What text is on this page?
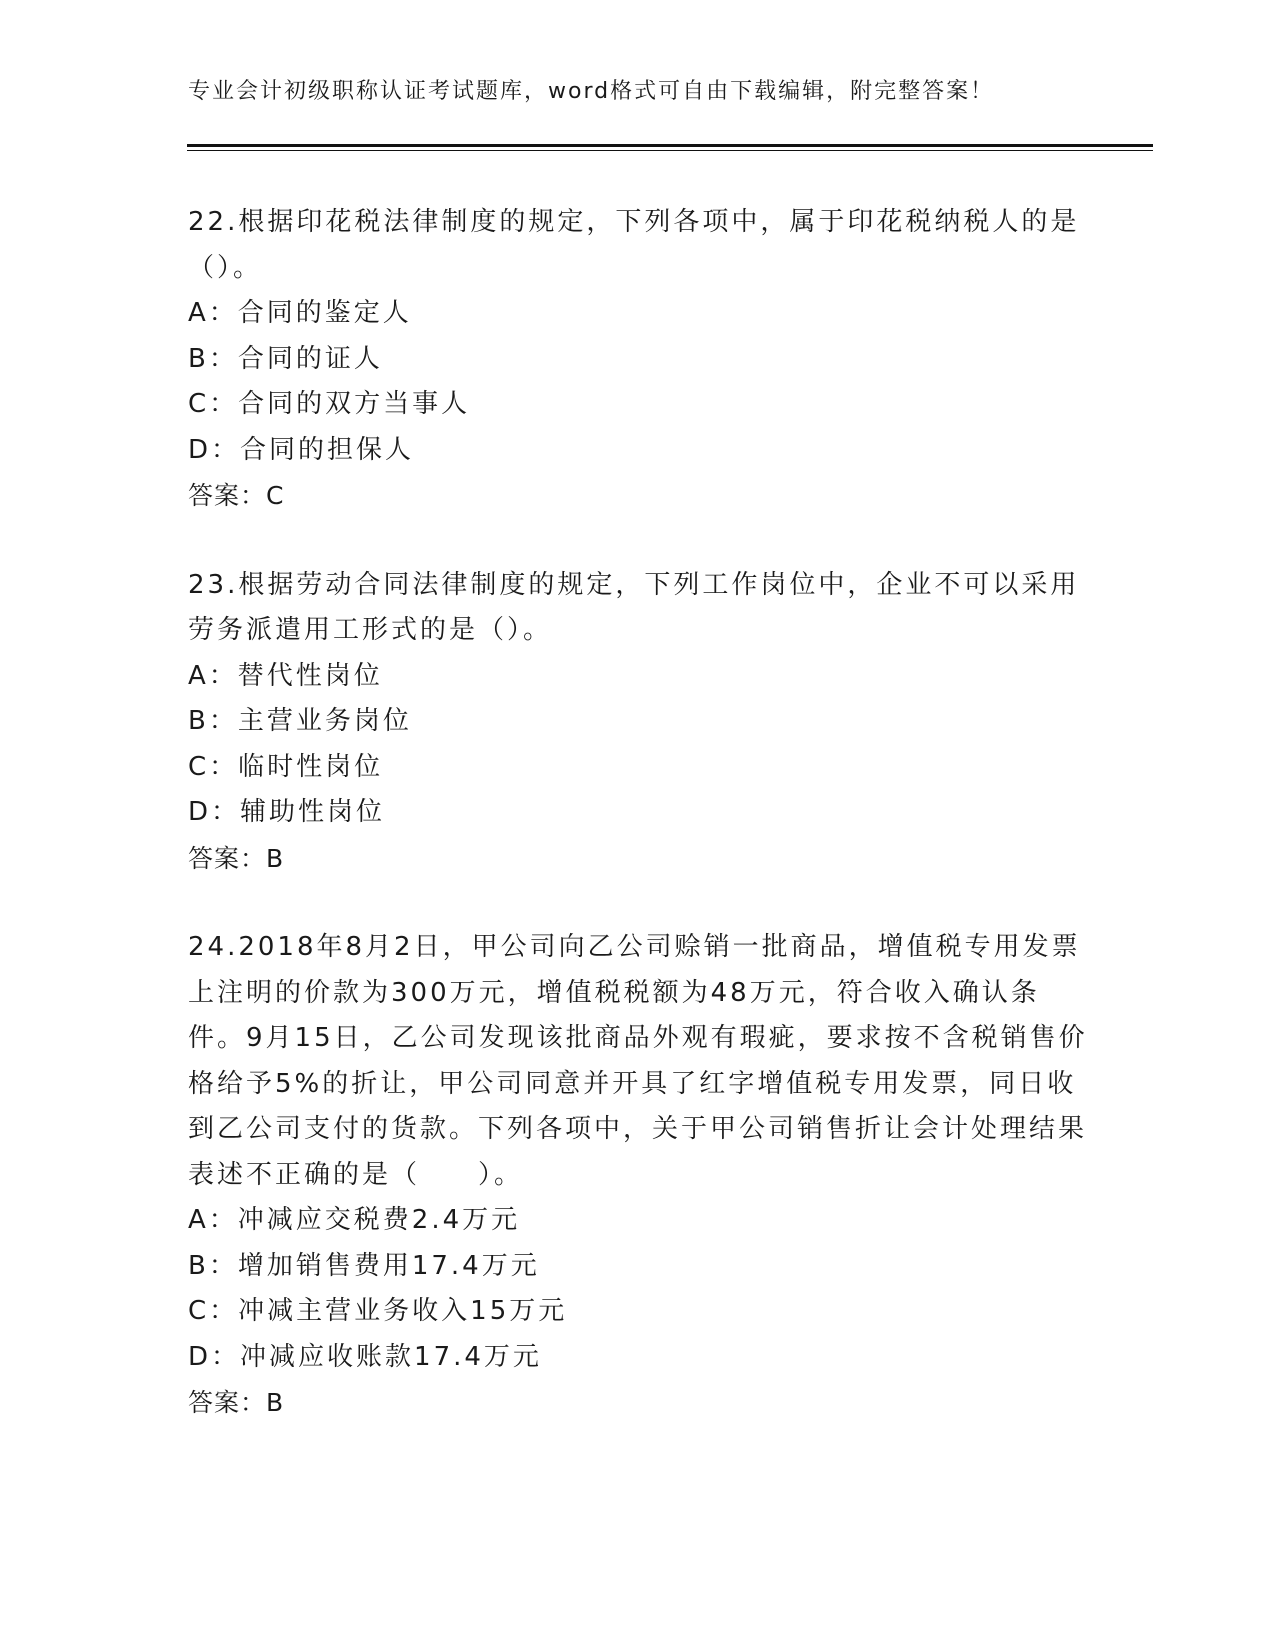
专业会计初级职称认证考试题库，word格式可自由下载编辑，附完整答案！
22.根据印花税法律制度的规定，下列各项中，属于印花税纳税人的是（）。
A：合同的鉴定人
B：合同的证人
C：合同的双方当事人
D：合同的担保人
答案：C
23.根据劳动合同法律制度的规定，下列工作岗位中，企业不可以采用劳务派遣用工形式的是（）。
A：替代性岗位
B：主营业务岗位
C：临时性岗位
D：辅助性岗位
答案：B
24.2018年8月2日，甲公司向乙公司赊销一批商品，增值税专用发票上注明的价款为300万元，增值税税额为48万元，符合收入确认条件。9月15日，乙公司发现该批商品外观有瑕疵，要求按不含税销售价格给予5%的折让，甲公司同意并开具了红字增值税专用发票，同日收到乙公司支付的货款。下列各项中，关于甲公司销售折让会计处理结果表述不正确的是（　　）。
A：冲减应交税费2.4万元
B：增加销售费用17.4万元
C：冲减主营业务收入15万元
D：冲减应收账款17.4万元
答案：B
